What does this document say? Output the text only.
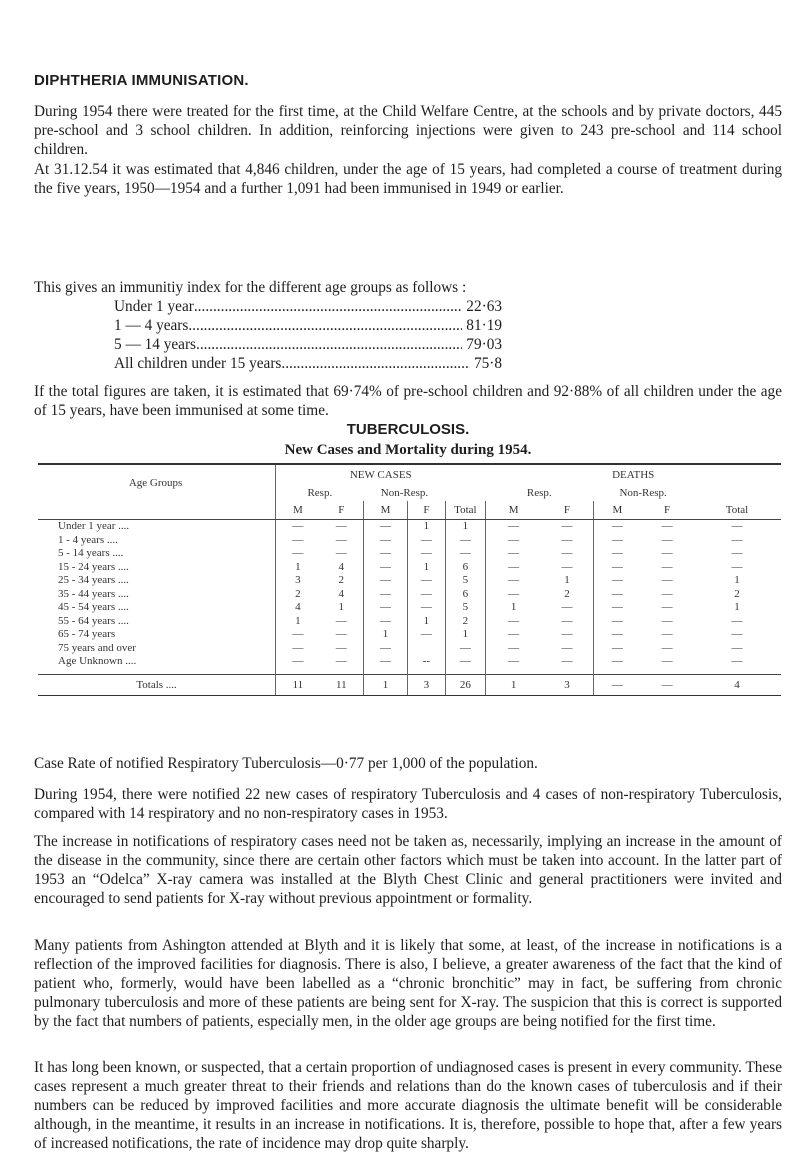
DIPHTHERIA IMMUNISATION.

During 1954 there were treated for the first time, at the Child Welfare Centre, at the schools and by private doctors, 445 pre-school and 3 school children. In addition, reinforcing injections were given to 243 pre-school and 114 school children.

At 31.12.54 it was estimated that 4,846 children, under the age of 15 years, had completed a course of treatment during the five years, 1950—1954 and a further 1,091 had been immunised in 1949 or earlier.

This gives an immunitiy index for the different age groups as follows :

Under 1 year .....	22·63
1 — 4 years .....	81·19
5 — 14 years .....	79·03
All children under 15 years .....	75·8

If the total figures are taken, it is estimated that 69·74% of pre-school children and 92·88% of all children under the age of 15 years, have been immunised at some time.

TUBERCULOSIS.
New Cases and Mortality during 1954.
Age Groups	NEW CASES					DEATHS				
	Resp.		Non-Resp.			Resp.		Non-Resp.		
	M	F	M	F	Total	M	F	M	F	Total
Under 1 year ....	—	—	—	1	1	—	—	—	—	—
1 - 4 years ....	—	—	—	—	—	—	—	—	—	—
5 - 14 years ....	—	—	—	—	—	—	—	—	—	—
15 - 24 years ....	1	4	—	1	6	—	—	—	—	—
25 - 34 years ....	3	2	—	—	5	—	1	—	—	1
35 - 44 years ....	2	4	—	—	6	—	2	—	—	2
45 - 54 years ....	4	1	—	—	5	1	—	—	—	1
55 - 64 years ....	1	—	—	1	2	—	—	—	—	—
65 - 74 years	—	—	1	—	1	—	—	—	—	—
75 years and over	—	—	—		—	—	—	—	—	—
Age Unknown ....	—	—	—	--	—	—	—	—	—	—

Totals ....	11	11	1	3	26	1	3	—	—	4

Case Rate of notified Respiratory Tuberculosis—0·77 per 1,000 of the population.

During 1954, there were notified 22 new cases of respiratory Tuberculosis and 4 cases of non-respiratory Tuberculosis, compared with 14 respiratory and no non-respiratory cases in 1953.

The increase in notifications of respiratory cases need not be taken as, necessarily, implying an increase in the amount of the disease in the community, since there are certain other factors which must be taken into account. In the latter part of 1953 an “Odelca” X-ray camera was installed at the Blyth Chest Clinic and general practitioners were invited and encouraged to send patients for X-ray without previous appointment or formality.

Many patients from Ashington attended at Blyth and it is likely that some, at least, of the increase in notifications is a reflection of the improved facilities for diagnosis. There is also, I believe, a greater awareness of the fact that the kind of patient who, formerly, would have been labelled as a “chronic bronchitic” may in fact, be suffering from chronic pulmonary tuberculosis and more of these patients are being sent for X-ray. The suspicion that this is correct is supported by the fact that numbers of patients, especially men, in the older age groups are being notified for the first time.

It has long been known, or suspected, that a certain proportion of undiagnosed cases is present in every community. These cases represent a much greater threat to their friends and relations than do the known cases of tuberculosis and if their numbers can be reduced by improved facilities and more accurate diagnosis the ultimate benefit will be considerable although, in the meantime, it results in an increase in notifications. It is, therefore, possible to hope that, after a few years of increased notifications, the rate of incidence may drop quite sharply.
